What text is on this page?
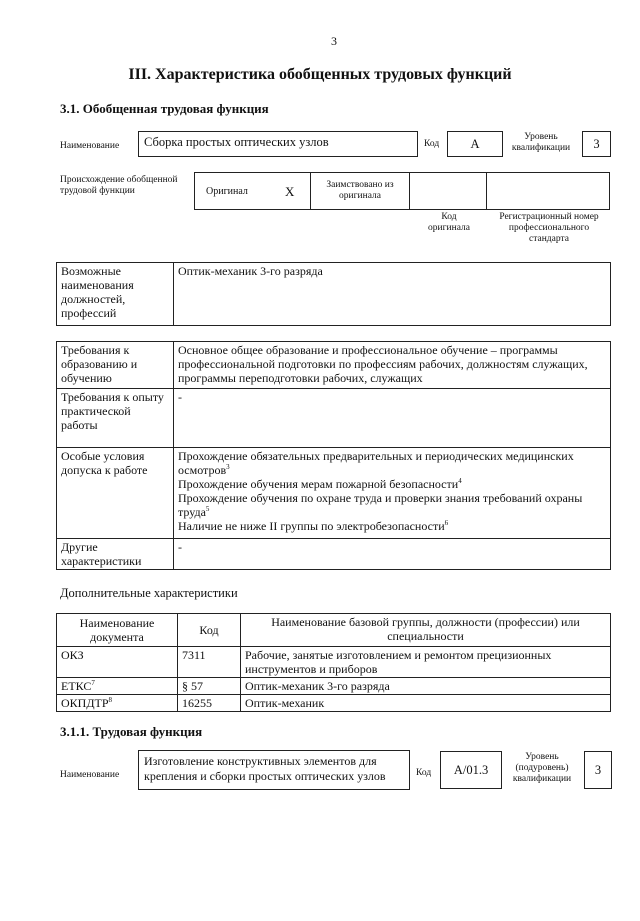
3
III. Характеристика обобщенных трудовых функций
3.1. Обобщенная трудовая функция
Наименование Сборка простых оптических узлов	Код	A	Уровень квалификации	3
Происхождение обобщенной трудовой функции	Оригинал	X	Заимствовано из оригинала
Код оригинала
Регистрационный номер профессионального стандарта
Возможные наименования должностей, профессий	Оптик-механик 3-го разряда
Требования к образованию и обучению	Основное общее образование и профессиональное обучение – программы профессиональной подготовки по профессиям рабочих, должностям служащих, программы переподготовки рабочих, служащих
Требования к опыту практической работы	-
Особые условия допуска к работе	Прохождение обязательных предварительных и периодических медицинских осмотров$^3$
Прохождение обучения мерам пожарной безопасности$^4$
Прохождение обучения по охране труда и проверки знания требований охраны труда$^5$
Наличие не ниже II группы по электробезопасности$^6$

Другие характеристики	-
Дополнительные характеристики
Наименование документа	Код	Наименование базовой группы, должности (профессии) или специальности
ОКЗ	7311	Рабочие, занятые изготовлением и ремонтом прецизионных инструментов и приборов
ЕТКС$^7$	§ 57	Оптик-механик 3-го разряда
ОКПДТР$^8$	16255	Оптик-механик
3.1.1. Трудовая функция
Наименование
Изготовление конструктивных элементов для крепления и сборки простых оптических узлов	Код	A/01.3
Уровень (подуровень) квалификации
3
